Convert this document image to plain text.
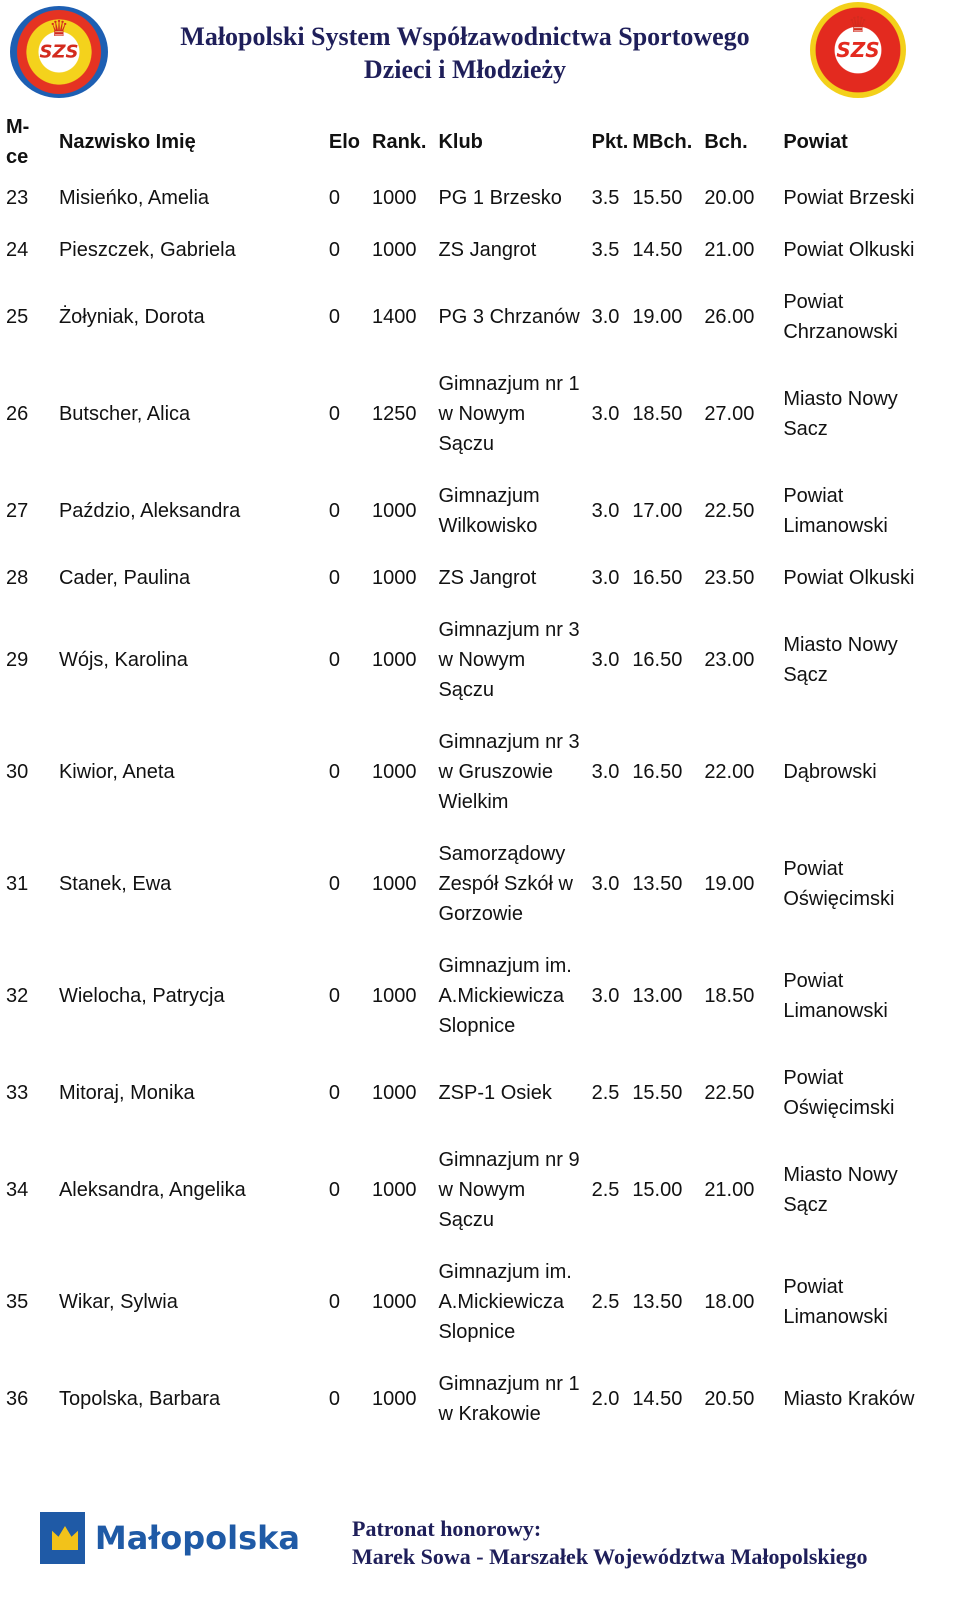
♛
SZS
Małopolski System Współzawodnictwa Sportowego
Dzieci i Młodzieży
♛
SZS
M-ce	Nazwisko Imię	Elo	Rank.	Klub	Pkt.	MBch.	Bch.	Powiat
23	Misieńko, Amelia	0	1000	PG 1 Brzesko	3.5	15.50	20.00	Powiat Brzeski
24	Pieszczek, Gabriela	0	1000	ZS Jangrot	3.5	14.50	21.00	Powiat Olkuski
25	Żołyniak, Dorota	0	1400	PG 3 Chrzanów	3.0	19.00	26.00	Powiat Chrzanowski
26	Butscher, Alica	0	1250	Gimnazjum nr 1 w Nowym Sączu	3.0	18.50	27.00	Miasto Nowy Sacz
27	Paździo, Aleksandra	0	1000	Gimnazjum Wilkowisko	3.0	17.00	22.50	Powiat Limanowski
28	Cader, Paulina	0	1000	ZS Jangrot	3.0	16.50	23.50	Powiat Olkuski
29	Wójs, Karolina	0	1000	Gimnazjum nr 3 w Nowym Sączu	3.0	16.50	23.00	Miasto Nowy Sącz
30	Kiwior, Aneta	0	1000	Gimnazjum nr 3 w Gruszowie Wielkim	3.0	16.50	22.00	Dąbrowski
31	Stanek, Ewa	0	1000	Samorządowy Zespół Szkół w Gorzowie	3.0	13.50	19.00	Powiat Oświęcimski
32	Wielocha, Patrycja	0	1000	Gimnazjum im. A.Mickiewicza Slopnice	3.0	13.00	18.50	Powiat Limanowski
33	Mitoraj, Monika	0	1000	ZSP-1 Osiek	2.5	15.50	22.50	Powiat Oświęcimski
34	Aleksandra, Angelika	0	1000	Gimnazjum nr 9 w Nowym Sączu	2.5	15.00	21.00	Miasto Nowy Sącz
35	Wikar, Sylwia	0	1000	Gimnazjum im. A.Mickiewicza Slopnice	2.5	13.50	18.00	Powiat Limanowski
36	Topolska, Barbara	0	1000	Gimnazjum nr 1 w Krakowie	2.0	14.50	20.50	Miasto Kraków
Małopolska Patronat honorowy:
Marek Sowa - Marszałek Województwa Małopolskiego
